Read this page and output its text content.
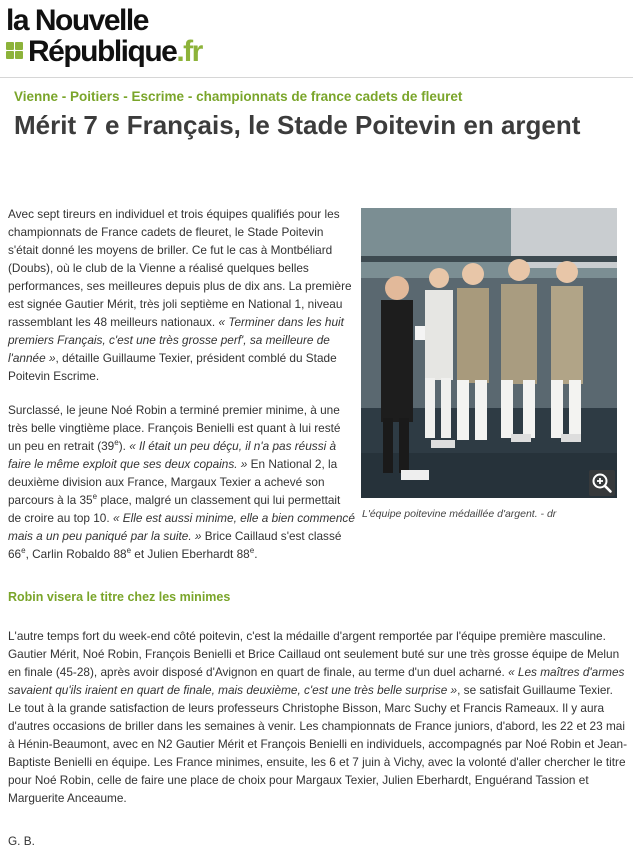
la Nouvelle
République.fr
Vienne - Poitiers - Escrime - championnats de france cadets de fleuret
Mérit 7 e Français, le Stade Poitevin en argent
Avec sept tireurs en individuel et trois équipes qualifiés pour les championnats de France cadets de fleuret, le Stade Poitevin s'était donné les moyens de briller. Ce fut le cas à Montbéliard (Doubs), où le club de la Vienne a réalisé quelques belles performances, ses meilleures depuis plus de dix ans. La première est signée Gautier Mérit, très joli septième en National 1, niveau rassemblant les 48 meilleurs nationaux. « Terminer dans les huit premiers Français, c'est une très grosse perf', sa meilleure de l'année », détaille Guillaume Texier, président comblé du Stade Poitevin Escrime.
L'équipe poitevine médaillée d'argent. - dr
Surclassé, le jeune Noé Robin a terminé premier minime, à une très belle vingtième place. François Benielli est quant à lui resté un peu en retrait (39e). « Il était un peu déçu, il n'a pas réussi à faire le même exploit que ses deux copains. » En National 2, la deuxième division aux France, Margaux Texier a achevé son parcours à la 35e place, malgré un classement qui lui permettait de croire au top 10. « Elle est aussi minime, elle a bien commencé mais a un peu paniqué par la suite. » Brice Caillaud s'est classé 66e, Carlin Robaldo 88e et Julien Eberhardt 88e.
Robin visera le titre chez les minimes
L'autre temps fort du week-end côté poitevin, c'est la médaille d'argent remportée par l'équipe première masculine. Gautier Mérit, Noé Robin, François Benielli et Brice Caillaud ont seulement buté sur une très grosse équipe de Melun en finale (45-28), après avoir disposé d'Avignon en quart de finale, au terme d'un duel acharné. « Les maîtres d'armes savaient qu'ils iraient en quart de finale, mais deuxième, c'est une très belle surprise », se satisfait Guillaume Texier.
Le tout à la grande satisfaction de leurs professeurs Christophe Bisson, Marc Suchy et Francis Rameaux. Il y aura d'autres occasions de briller dans les semaines à venir. Les championnats de France juniors, d'abord, les 22 et 23 mai à Hénin-Beaumont, avec en N2 Gautier Mérit et François Benielli en individuels, accompagnés par Noé Robin et Jean-Baptiste Benielli en équipe. Les France minimes, ensuite, les 6 et 7 juin à Vichy, avec la volonté d'aller chercher le titre pour Noé Robin, celle de faire une place de choix pour Margaux Texier, Julien Eberhardt, Enguérand Tassion et Marguerite Anceaume.
G. B.
